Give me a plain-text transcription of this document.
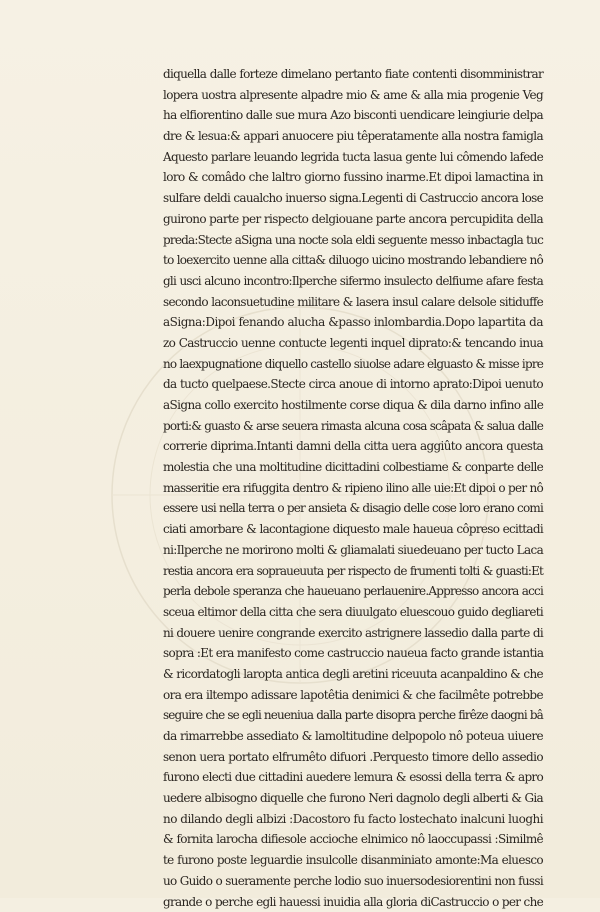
diquella dalle forteze dimelano pertanto fiate contenti disomministrar
lopera uostra alpresente alpadre mio & ame & alla mia progenie Veg
ha elfiorentino dalle sue mura Azo bisconti uendicare leingiurie delpa
dre & lesua:& appari anuocere piu têperatamente alla nostra famigla
Aquesto parlare leuando legrida tucta lasua gente lui cômendo lafede
loro & comâdo che laltro giorno fussino inarme.Et dipoi lamactina in
sulfare deldi caualcho inuerso signa.Legenti di Castruccio ancora lose
guirono parte per rispecto delgiouane parte ancora percupidita della
preda:Stecte aSigna una nocte sola eldi seguente messo inbactagla tuc
to loexercito uenne alla citta& diluogo uicino mostrando lebandiere nô
gli usci alcuno incontro:Ilperche sifermo insulecto delfiume afare festa
secondo laconsuetudine militare & lasera insul calare delsole sitiduffe
aSigna:Dipoi fenando alucha &passo inlombardia.Dopo lapartita da
zo Castruccio uenne contucte legenti inquel diprato:& tencando inua
no laexpugnatione diquello castello siuolse adare elguasto & misse ipre
da tucto quelpaese.Stecte circa anoue di intorno aprato:Dipoi uenuto
aSigna collo exercito hostilmente corse diqua & dila darno infino alle
porti:& guasto & arse seuera rimasta alcuna cosa scâpata & salua dalle
correrie diprima.Intanti damni della citta uera aggiûto ancora questa
molestia che una moltitudine dicittadini colbestiame & conparte delle
masseritie era rifuggita dentro & ripieno ilino alle uie:Et dipoi o per nô
essere usi nella terra o per ansieta & disagio delle cose loro erano comi
ciati amorbare & lacontagione diquesto male haueua côpreso ecittadi
ni:Ilperche ne morirono molti & gliamalati siuedeuano per tucto Laca
restia ancora era sopraueuuta per rispecto de frumenti tolti & guasti:Et
perla debole speranza che haueuano perlauenire.Appresso ancora acci
sceua eltimor della citta che sera diuulgato eluescouo guido degliareti
ni douere uenire congrande exercito astrignere lassedio dalla parte di
sopra :Et era manifesto come castruccio naueua facto grande istantia
& ricordatogli laropta antica degli aretini riceuuta acanpaldino & che
ora era iltempo adissare lapotêtia denimici & che facilmête potrebbe
seguire che se egli neueniua dalla parte disopra perche firêze daogni bâ
da rimarrebbe assediato & lamoltitudine delpopolo nô poteua uiuere
senon uera portato elfrumêto difuori .Perquesto timore dello assedio
furono electi due cittadini auedere lemura & esossi della terra & apro
uedere albisogno diquelle che furono Neri dagnolo degli alberti & Gia
no dilando degli albizi :Dacostoro fu facto lostechato inalcuni luoghi
& fornita larocha difiesole accioche elnimico nô laoccupassi :Similmê
te furono poste leguardie insulcolle disanminiato amonte:Ma eluesco
uo Guido o sueramente perche lodio suo inuersodesiorentini non fussi
grande o perche egli hauessi inuidia alla gloria diCastruccio o per che
